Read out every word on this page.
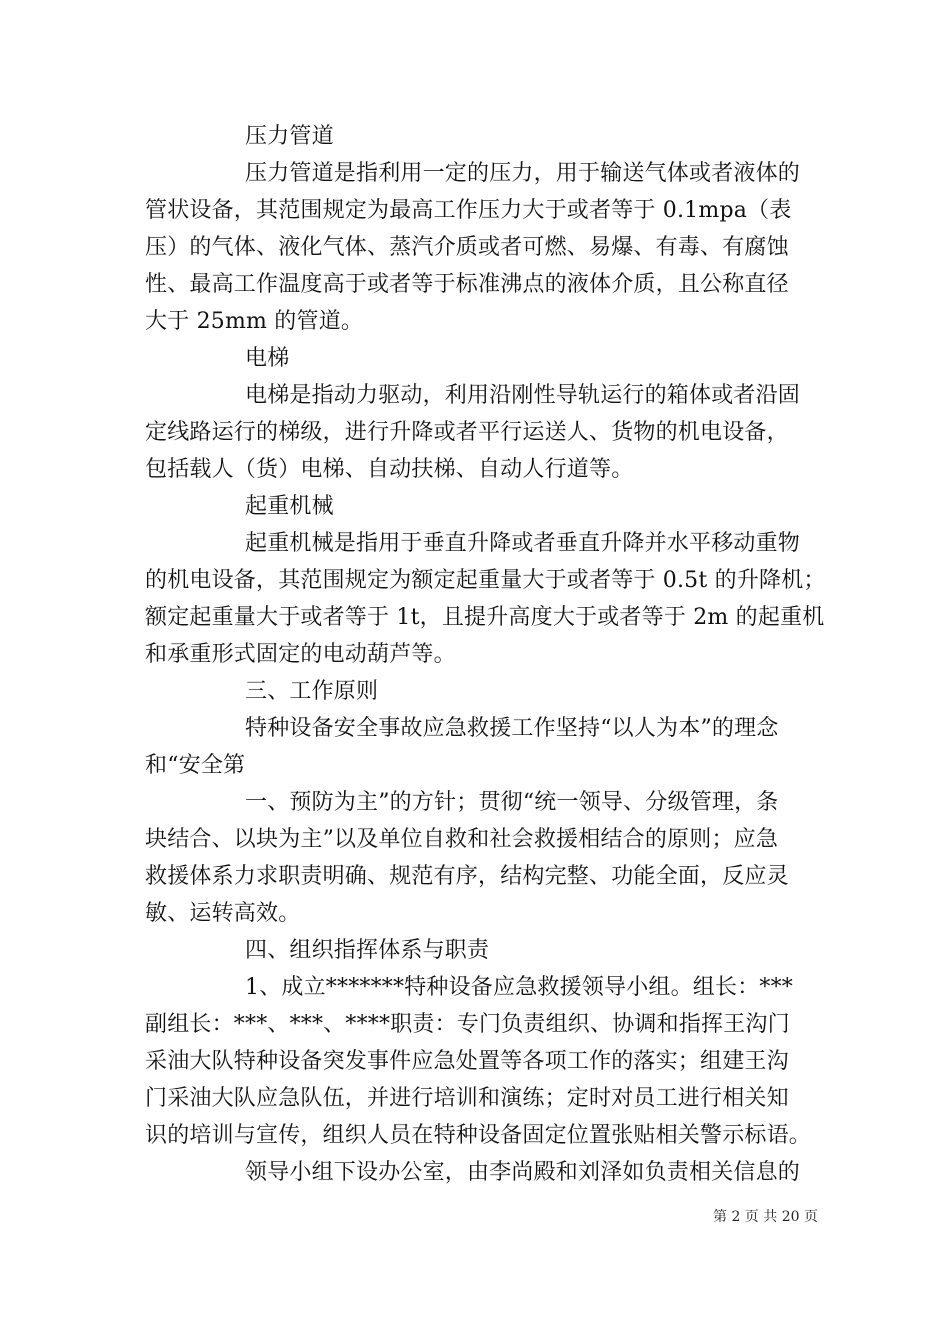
压力管道
压力管道是指利用一定的压力，用于输送气体或者液体的
管状设备，其范围规定为最高工作压力大于或者等于 0.1mpa（表
压）的气体、液化气体、蒸汽介质或者可燃、易爆、有毒、有腐蚀
性、最高工作温度高于或者等于标准沸点的液体介质，且公称直径
大于 25mm 的管道。
电梯
电梯是指动力驱动，利用沿刚性导轨运行的箱体或者沿固
定线路运行的梯级，进行升降或者平行运送人、货物的机电设备，
包括载人（货）电梯、自动扶梯、自动人行道等。
起重机械
起重机械是指用于垂直升降或者垂直升降并水平移动重物
的机电设备，其范围规定为额定起重量大于或者等于 0.5t 的升降机；
额定起重量大于或者等于 1t，且提升高度大于或者等于 2m 的起重机
和承重形式固定的电动葫芦等。
三、工作原则
特种设备安全事故应急救援工作坚持“以人为本”的理念
和“安全第
一、预防为主”的方针；贯彻“统一领导、分级管理，条
块结合、以块为主”以及单位自救和社会救援相结合的原则；应急
救援体系力求职责明确、规范有序，结构完整、功能全面，反应灵
敏、运转高效。
四、组织指挥体系与职责
1、成立*******特种设备应急救援领导小组。组长：***
副组长：***、***、****职责：专门负责组织、协调和指挥王沟门
采油大队特种设备突发事件应急处置等各项工作的落实；组建王沟
门采油大队应急队伍，并进行培训和演练；定时对员工进行相关知
识的培训与宣传，组织人员在特种设备固定位置张贴相关警示标语。
领导小组下设办公室，由李尚殿和刘泽如负责相关信息的
第 2 页 共 20 页
